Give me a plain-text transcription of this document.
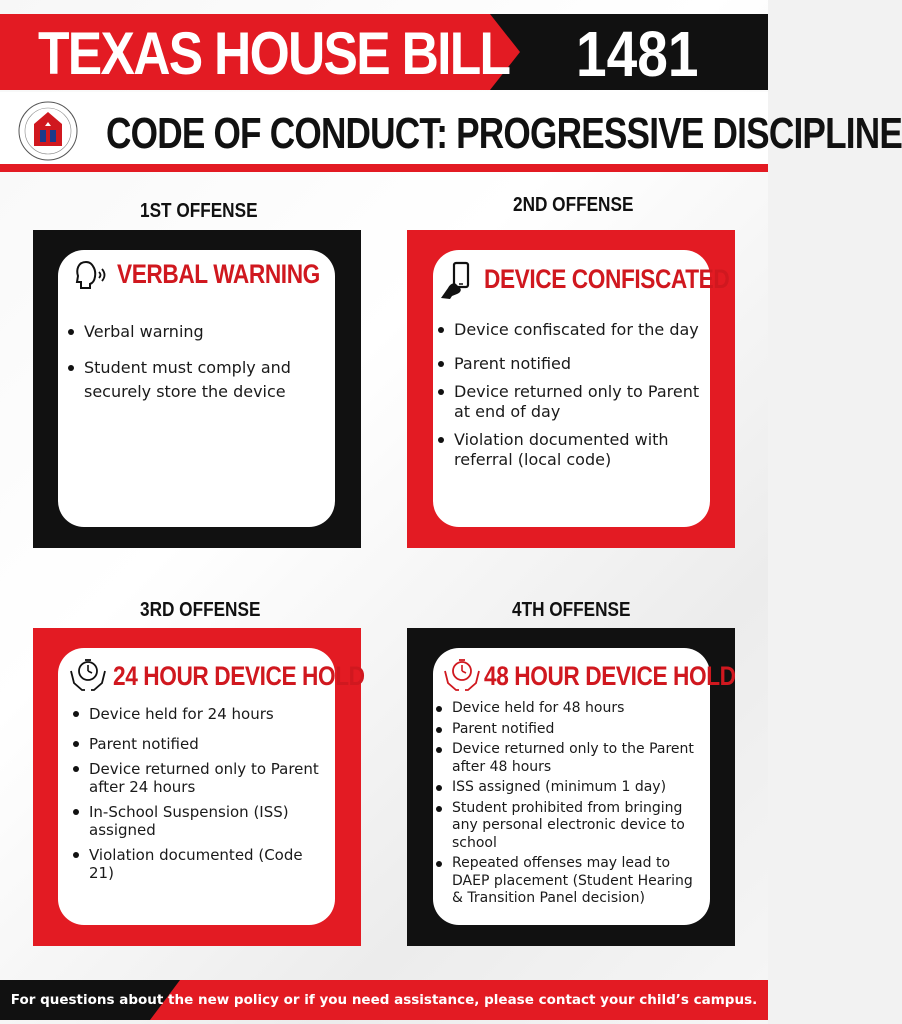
TEXAS HOUSE BILL 1481
CODE OF CONDUCT: PROGRESSIVE DISCIPLINE
1ST OFFENSE	2ND OFFENSE
3RD OFFENSE	4TH OFFENSE
VERBAL WARNING
Verbal warning
Student must comply and securely store the device
DEVICE CONFISCATED
Device confiscated for the day
Parent notified
Device returned only to Parent at end of day
Violation documented with referral (local code)
24 HOUR DEVICE HOLD
Device held for 24 hours
Parent notified
Device returned only to Parent after 24 hours
In-School Suspension (ISS) assigned
Violation documented (Code 21)
48 HOUR DEVICE HOLD
Device held for 48 hours
Parent notified
Device returned only to the Parent after 48 hours
ISS assigned (minimum 1 day)
Student prohibited from bringing any personal electronic device to school
Repeated offenses may lead to DAEP placement (Student Hearing & Transition Panel decision)
For questions about the new policy or if you need assistance, please contact your child’s campus.
